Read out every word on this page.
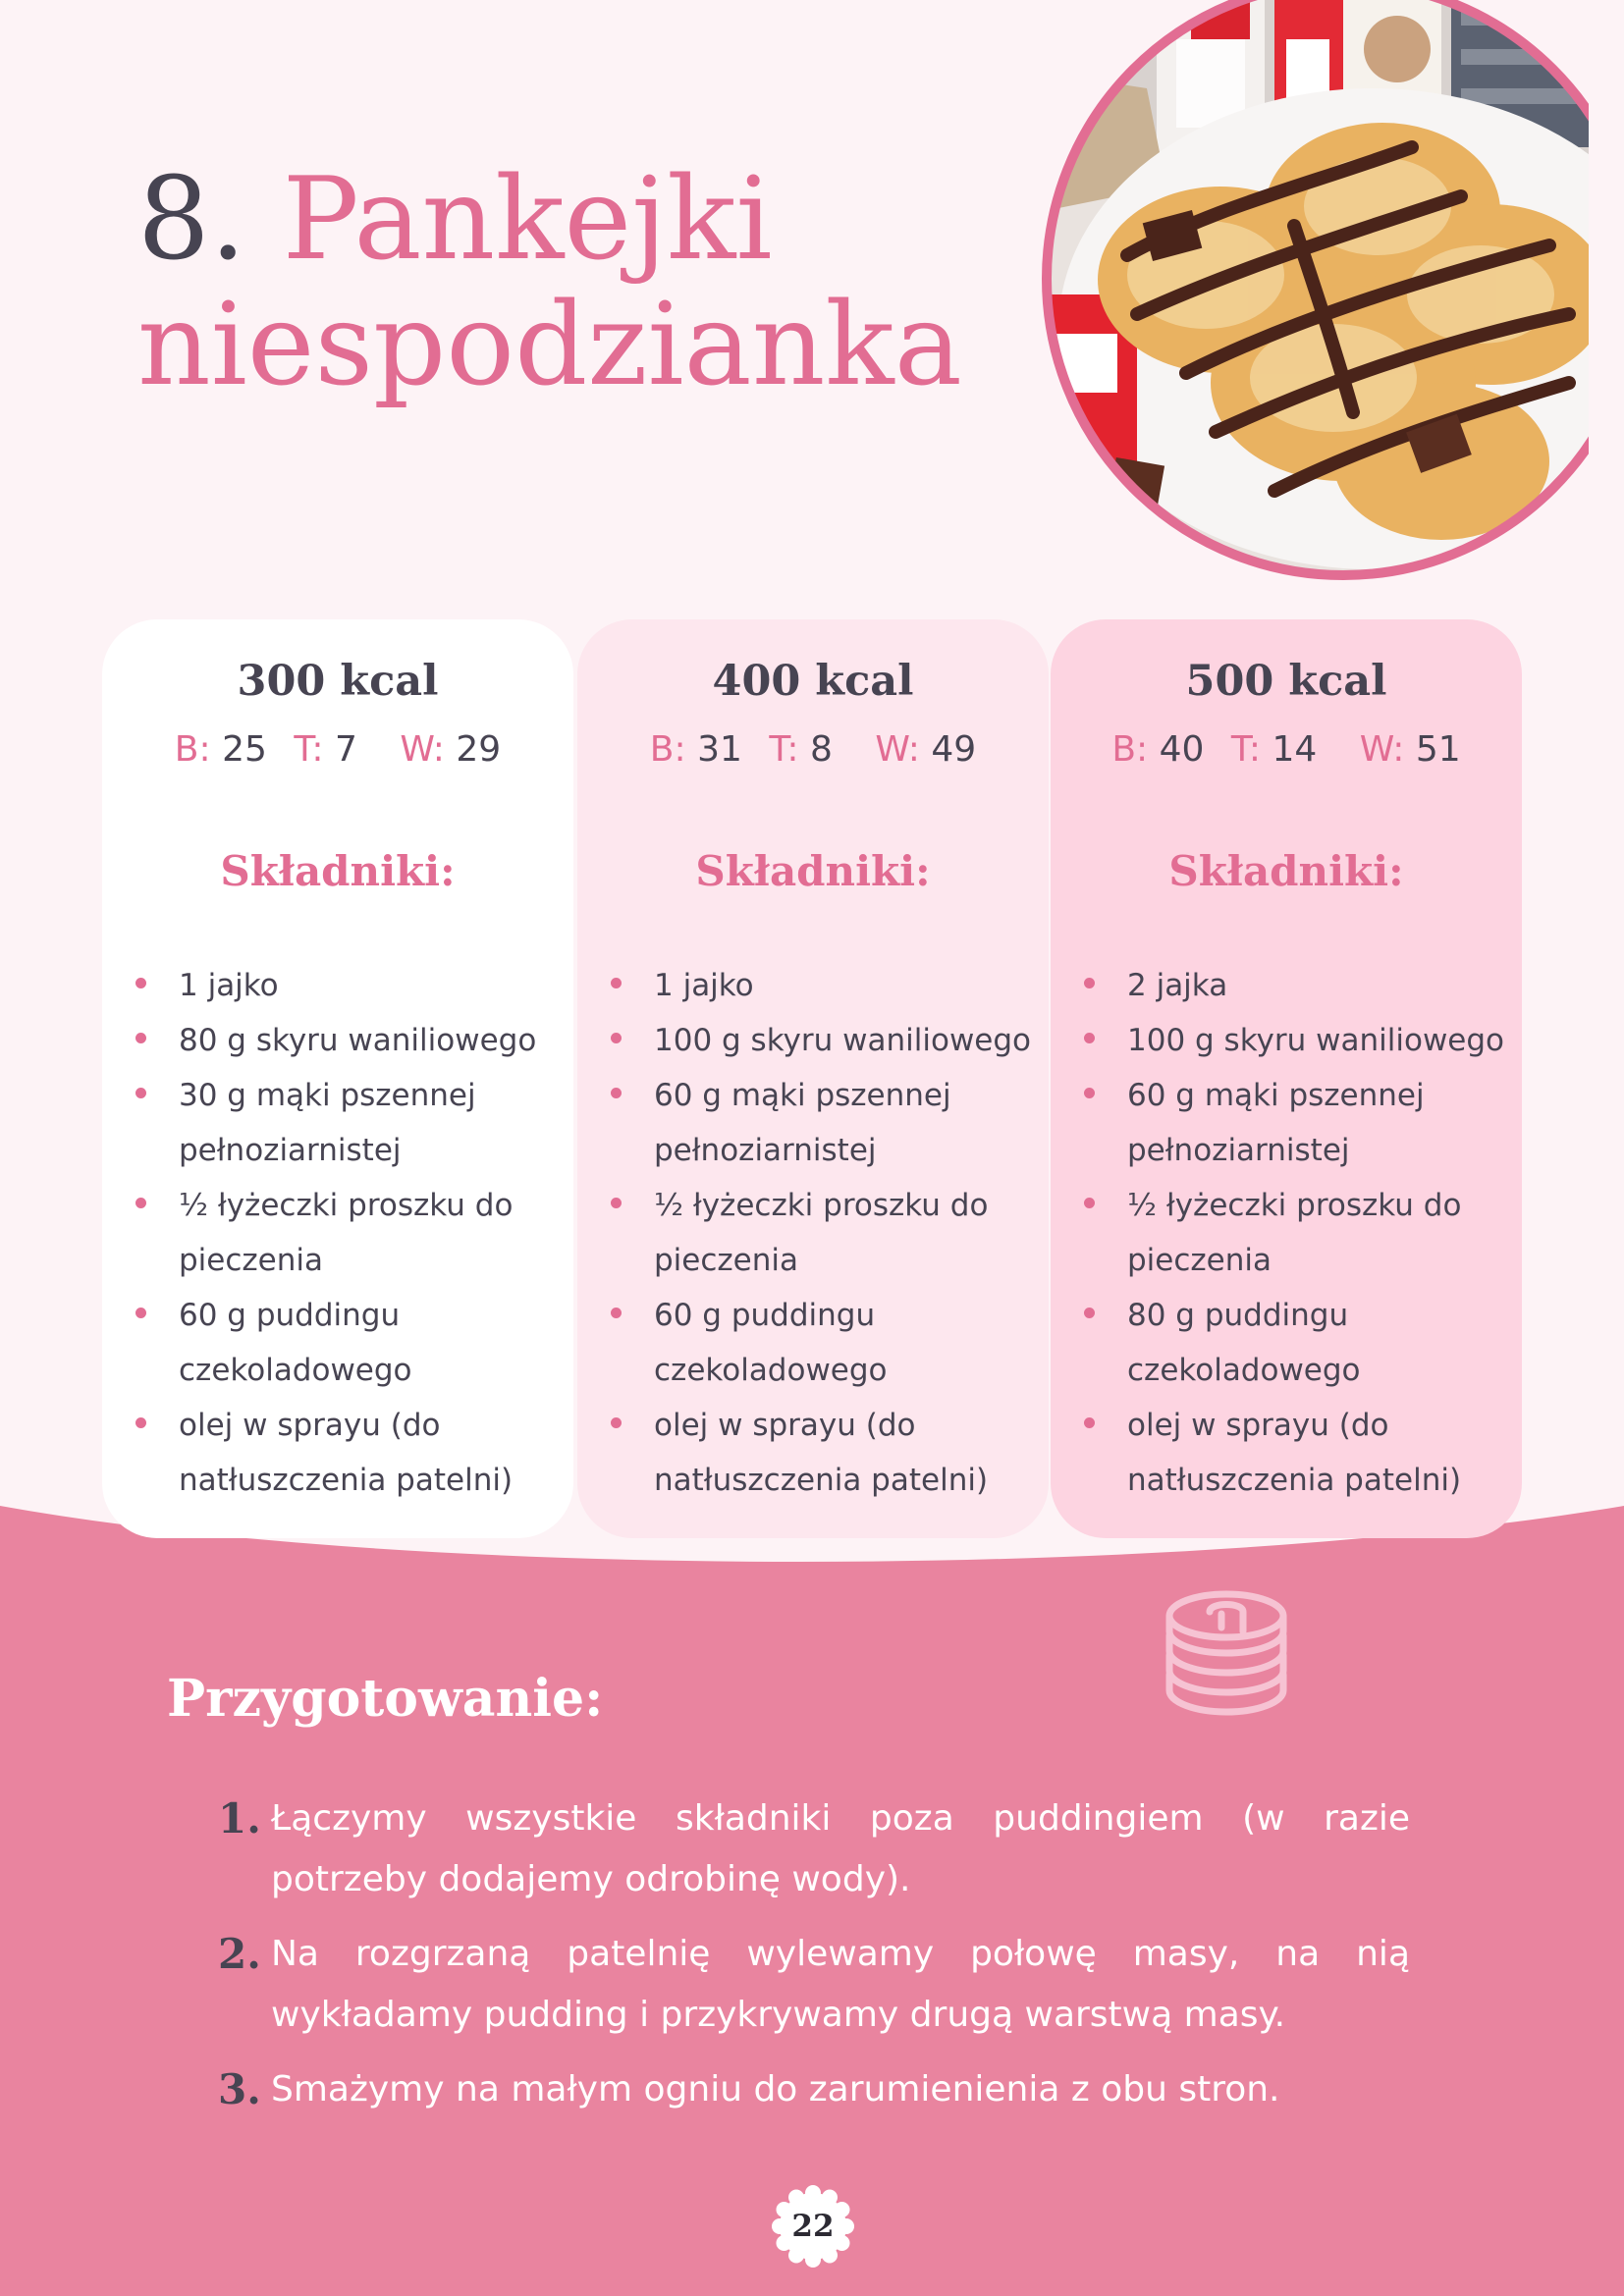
8. Pankejki
niespodzianka
300 kcal
B: 25 T: 7 W: 29
Składniki:
1 jajko
80 g skyru waniliowego
30 g mąki pszennej pełnoziarnistej
½ łyżeczki proszku do pieczenia
60 g puddingu czekoladowego
olej w sprayu (do natłuszczenia patelni)
400 kcal
B: 31 T: 8 W: 49
Składniki:
1 jajko
100 g skyru waniliowego
60 g mąki pszennej pełnoziarnistej
½ łyżeczki proszku do pieczenia
60 g puddingu czekoladowego
olej w sprayu (do natłuszczenia patelni)
500 kcal
B: 40 T: 14 W: 51
Składniki:
2 jajka
100 g skyru waniliowego
60 g mąki pszennej pełnoziarnistej
½ łyżeczki proszku do pieczenia
80 g puddingu czekoladowego
olej w sprayu (do natłuszczenia patelni)
Przygotowanie:
1. Łączymy wszystkie składniki poza puddingiem (w razie potrzeby dodajemy odrobinę wody).
2. Na rozgrzaną patelnię wylewamy połowę masy, na nią wykładamy pudding i przykrywamy drugą warstwą masy.
3. Smażymy na małym ogniu do zarumienienia z obu stron.
22
